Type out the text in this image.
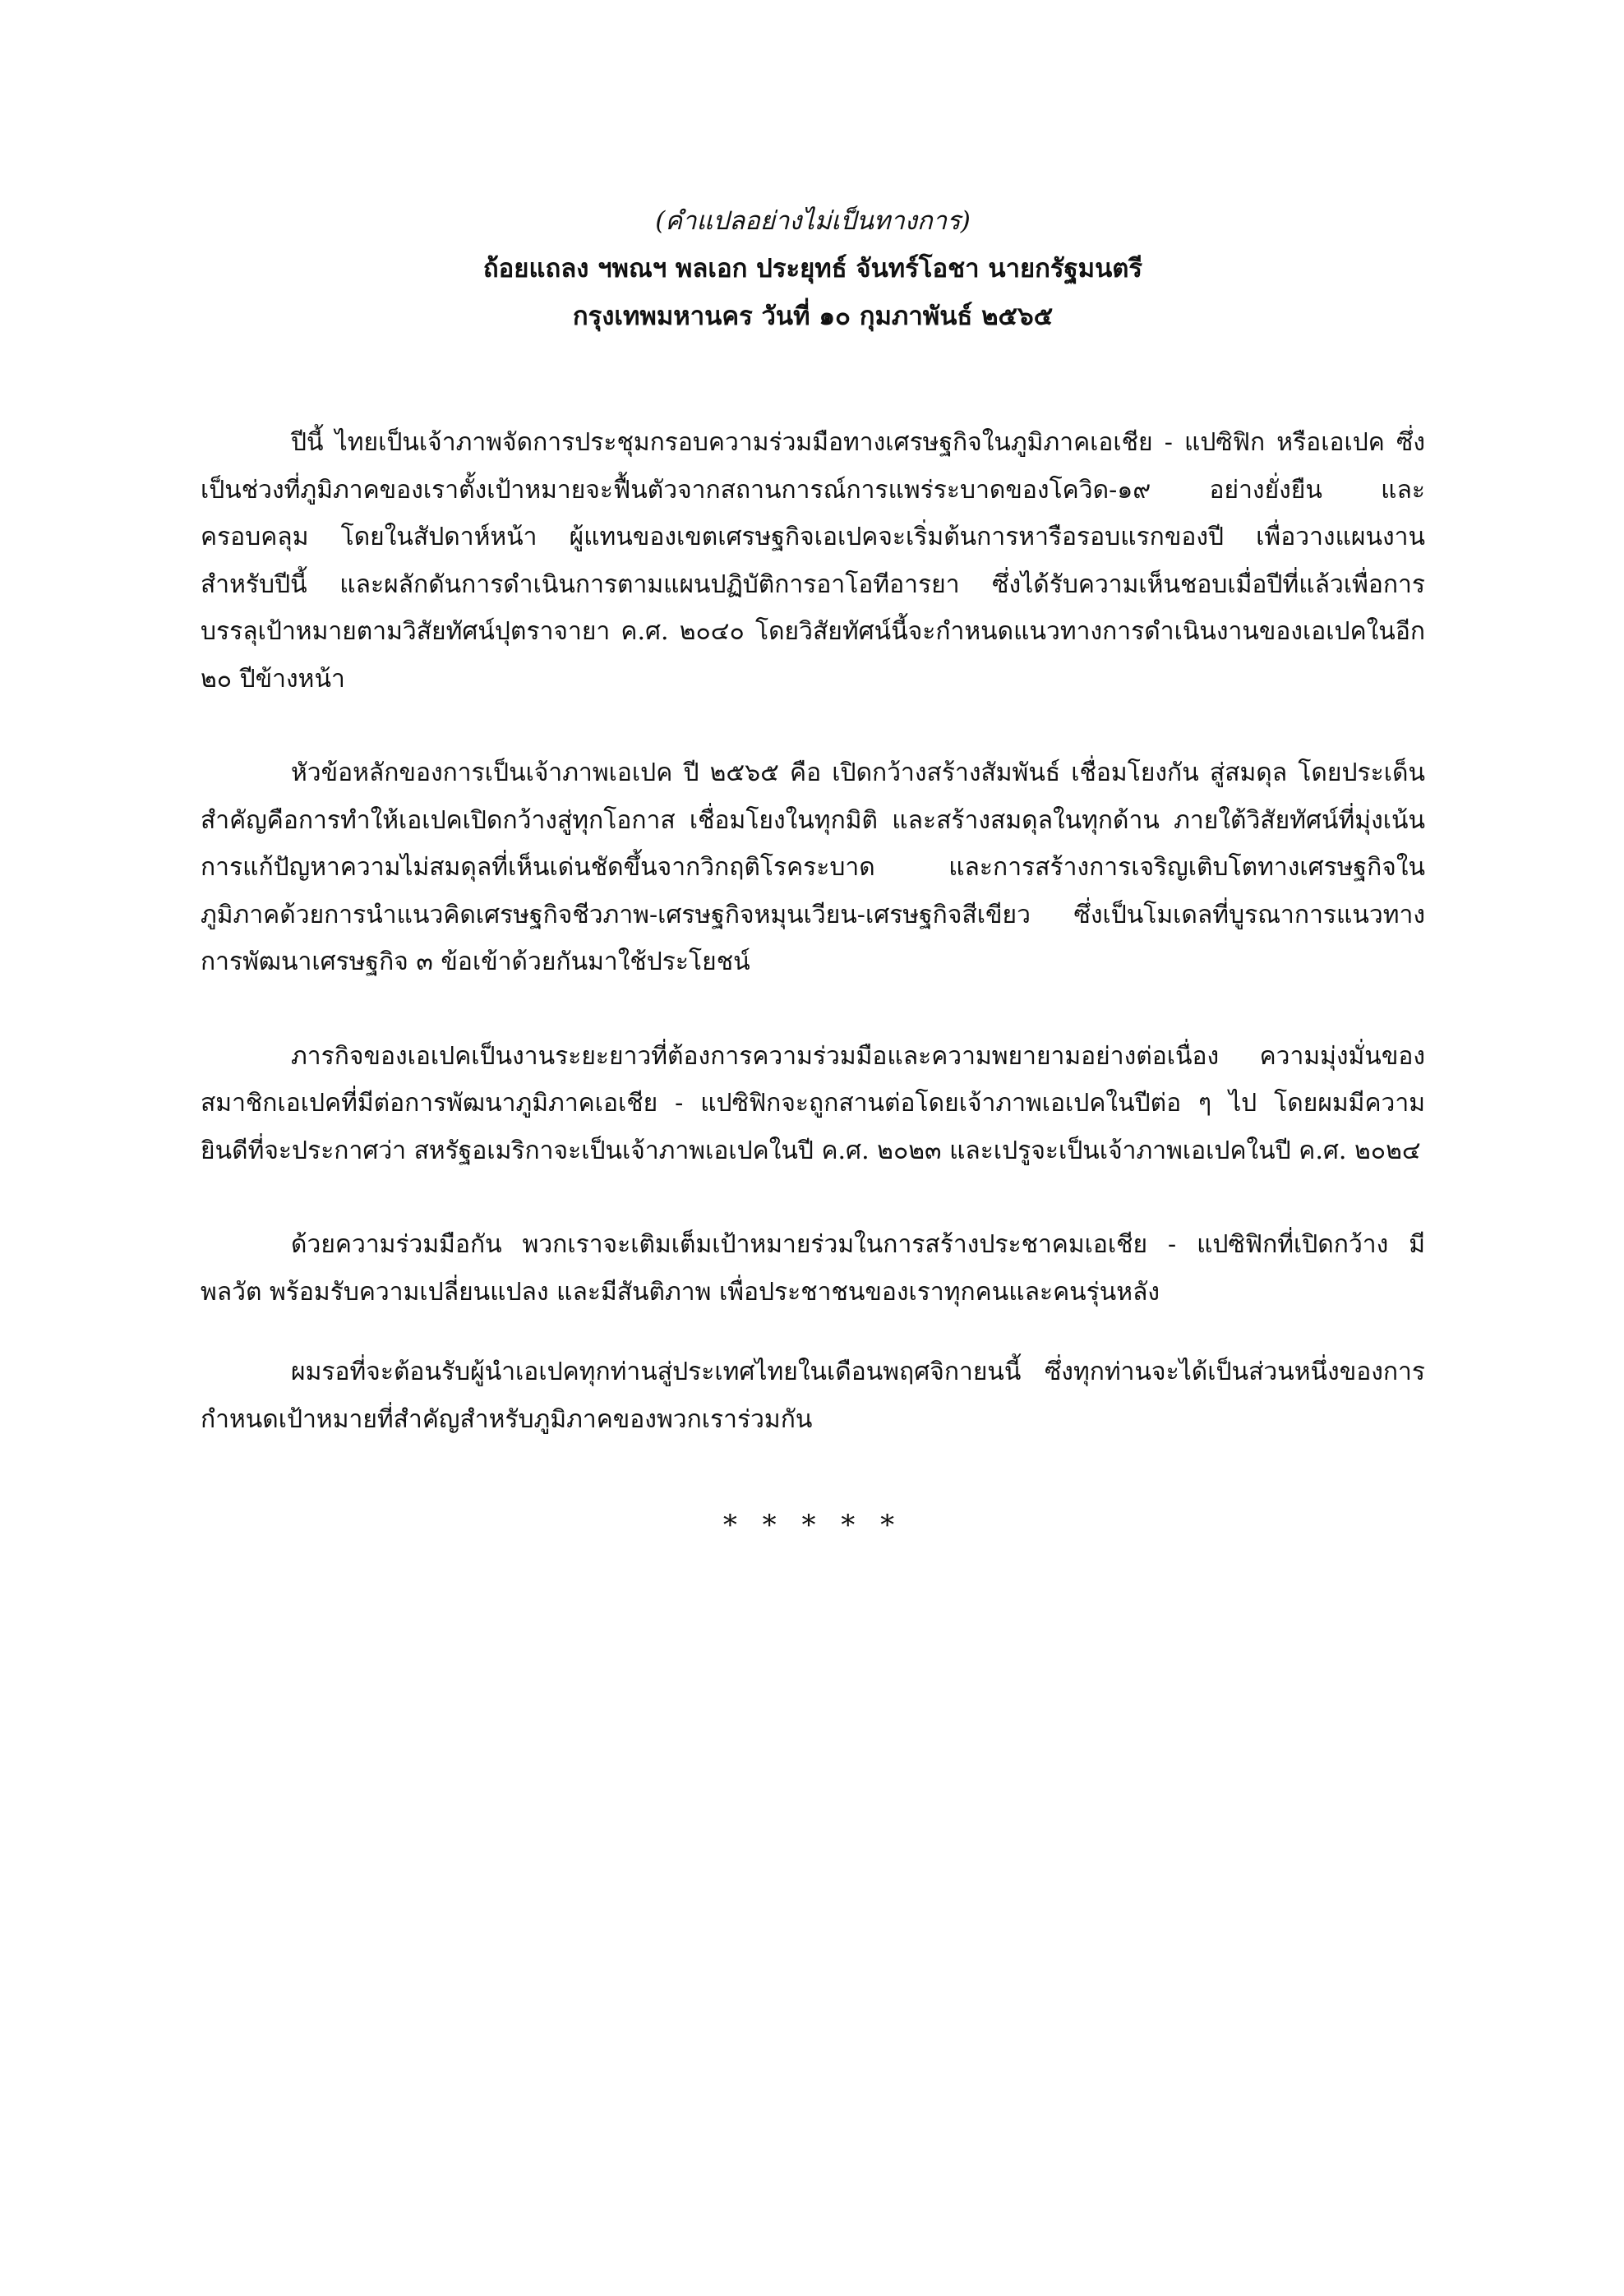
(คำแปลอย่างไม่เป็นทางการ)

ถ้อยแถลง ฯพณฯ พลเอก ประยุทธ์ จันทร์โอชา นายกรัฐมนตรี

กรุงเทพมหานคร วันที่ ๑๐ กุมภาพันธ์ ๒๕๖๕

ปีนี้ ไทยเป็นเจ้าภาพจัดการประชุมกรอบความร่วมมือทางเศรษฐกิจในภูมิภาคเอเชีย - แปซิฟิก หรือเอเปค ซึ่งเป็นช่วงที่ภูมิภาคของเราตั้งเป้าหมายจะฟื้นตัวจากสถานการณ์การแพร่ระบาดของโควิด-๑๙ อย่างยั่งยืน และครอบคลุม โดยในสัปดาห์หน้า ผู้แทนของเขตเศรษฐกิจเอเปคจะเริ่มต้นการหารือรอบแรกของปี เพื่อวางแผนงานสำหรับปีนี้ และผลักดันการดำเนินการตามแผนปฏิบัติการอาโอทีอารยา ซึ่งได้รับความเห็นชอบเมื่อปีที่แล้วเพื่อการบรรลุเป้าหมายตามวิสัยทัศน์ปุตราจายา ค.ศ. ๒๐๔๐ โดยวิสัยทัศน์นี้จะกำหนดแนวทางการดำเนินงานของเอเปคในอีก ๒๐ ปีข้างหน้า

หัวข้อหลักของการเป็นเจ้าภาพเอเปค ปี ๒๕๖๕ คือ เปิดกว้างสร้างสัมพันธ์ เชื่อมโยงกัน สู่สมดุล โดยประเด็นสำคัญคือการทำให้เอเปคเปิดกว้างสู่ทุกโอกาส เชื่อมโยงในทุกมิติ และสร้างสมดุลในทุกด้าน ภายใต้วิสัยทัศน์ที่มุ่งเน้นการแก้ปัญหาความไม่สมดุลที่เห็นเด่นชัดขึ้นจากวิกฤติโรคระบาด และการสร้างการเจริญเติบโตทางเศรษฐกิจในภูมิภาคด้วยการนำแนวคิดเศรษฐกิจชีวภาพ-เศรษฐกิจหมุนเวียน-เศรษฐกิจสีเขียว ซึ่งเป็นโมเดลที่บูรณาการแนวทางการพัฒนาเศรษฐกิจ ๓ ข้อเข้าด้วยกันมาใช้ประโยชน์

ภารกิจของเอเปคเป็นงานระยะยาวที่ต้องการความร่วมมือและความพยายามอย่างต่อเนื่อง ความมุ่งมั่นของสมาชิกเอเปคที่มีต่อการพัฒนาภูมิภาคเอเชีย - แปซิฟิกจะถูกสานต่อโดยเจ้าภาพเอเปคในปีต่อ ๆ ไป โดยผมมีความยินดีที่จะประกาศว่า สหรัฐอเมริกาจะเป็นเจ้าภาพเอเปคในปี ค.ศ. ๒๐๒๓ และเปรูจะเป็นเจ้าภาพเอเปคในปี ค.ศ. ๒๐๒๔

ด้วยความร่วมมือกัน พวกเราจะเติมเต็มเป้าหมายร่วมในการสร้างประชาคมเอเชีย - แปซิฟิกที่เปิดกว้าง มีพลวัต พร้อมรับความเปลี่ยนแปลง และมีสันติภาพ เพื่อประชาชนของเราทุกคนและคนรุ่นหลัง

ผมรอที่จะต้อนรับผู้นำเอเปคทุกท่านสู่ประเทศไทยในเดือนพฤศจิกายนนี้ ซึ่งทุกท่านจะได้เป็นส่วนหนึ่งของการกำหนดเป้าหมายที่สำคัญสำหรับภูมิภาคของพวกเราร่วมกัน

* * * * *
